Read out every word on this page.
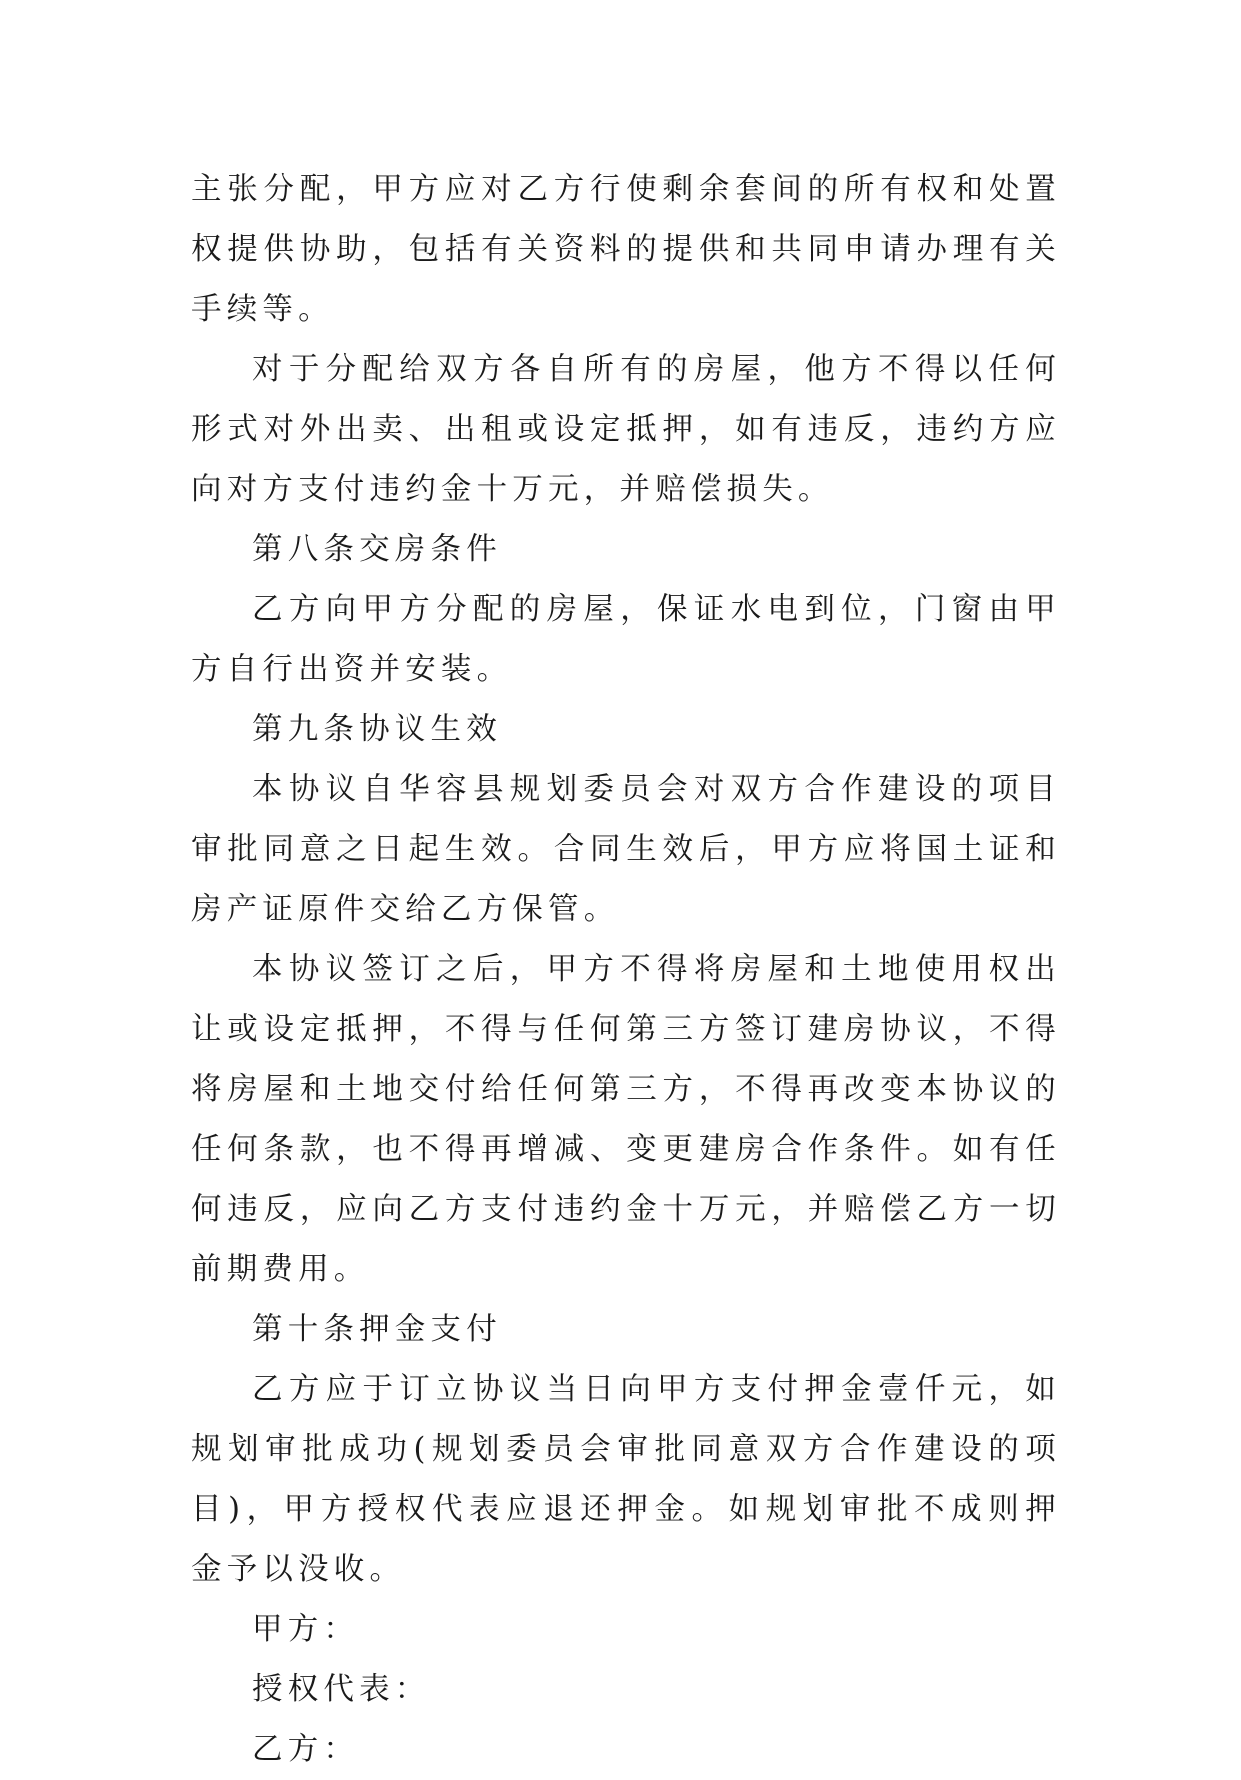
主张分配，甲方应对乙方行使剩余套间的所有权和处置权提供协助，包括有关资料的提供和共同申请办理有关手续等。

对于分配给双方各自所有的房屋，他方不得以任何形式对外出卖、出租或设定抵押，如有违反，违约方应向对方支付违约金十万元，并赔偿损失。

第八条交房条件

乙方向甲方分配的房屋，保证水电到位，门窗由甲方自行出资并安装。

第九条协议生效

本协议自华容县规划委员会对双方合作建设的项目审批同意之日起生效。合同生效后，甲方应将国土证和房产证原件交给乙方保管。

本协议签订之后，甲方不得将房屋和土地使用权出让或设定抵押，不得与任何第三方签订建房协议，不得将房屋和土地交付给任何第三方，不得再改变本协议的任何条款，也不得再增减、变更建房合作条件。如有任何违反，应向乙方支付违约金十万元，并赔偿乙方一切前期费用。

第十条押金支付

乙方应于订立协议当日向甲方支付押金壹仟元，如规划审批成功(规划委员会审批同意双方合作建设的项目)，甲方授权代表应退还押金。如规划审批不成则押金予以没收。

甲方：

授权代表：

乙方：
